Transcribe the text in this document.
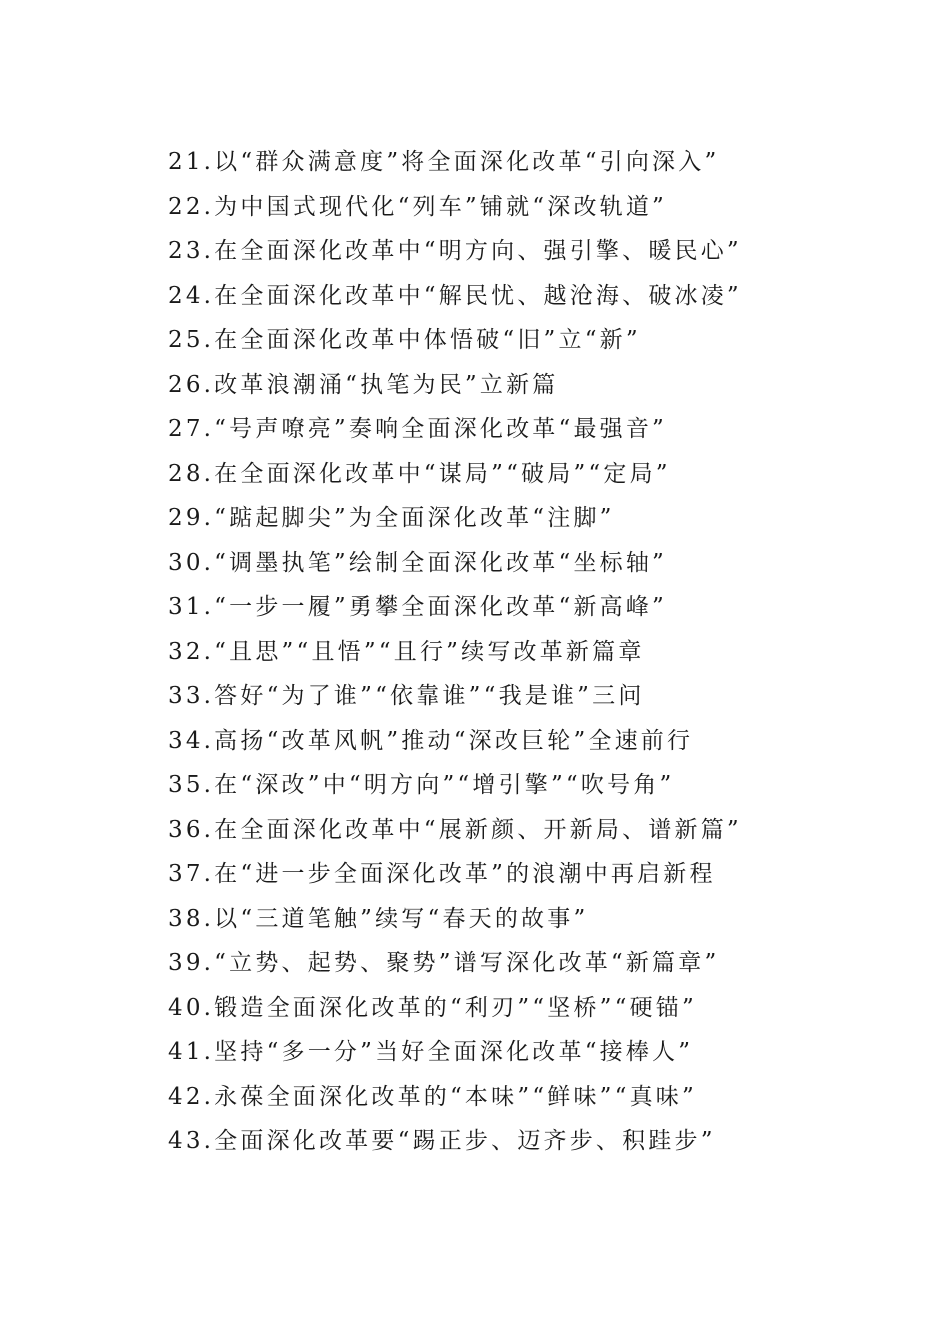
21.以“群众满意度”将全面深化改革“引向深入”
22.为中国式现代化“列车”铺就“深改轨道”
23.在全面深化改革中“明方向、强引擎、暖民心”
24.在全面深化改革中“解民忧、越沧海、破冰凌”
25.在全面深化改革中体悟破“旧”立“新”
26.改革浪潮涌“执笔为民”立新篇
27.“号声嘹亮”奏响全面深化改革“最强音”
28.在全面深化改革中“谋局”“破局”“定局”
29.“踮起脚尖”为全面深化改革“注脚”
30.“调墨执笔”绘制全面深化改革“坐标轴”
31.“一步一履”勇攀全面深化改革“新高峰”
32.“且思”“且悟”“且行”续写改革新篇章
33.答好“为了谁”“依靠谁”“我是谁”三问
34.高扬“改革风帆”推动“深改巨轮”全速前行
35.在“深改”中“明方向”“增引擎”“吹号角”
36.在全面深化改革中“展新颜、开新局、谱新篇”
37.在“进一步全面深化改革”的浪潮中再启新程
38.以“三道笔触”续写“春天的故事”
39.“立势、起势、聚势”谱写深化改革“新篇章”
40.锻造全面深化改革的“利刃”“坚桥”“硬锚”
41.坚持“多一分”当好全面深化改革“接棒人”
42.永葆全面深化改革的“本味”“鲜味”“真味”
43.全面深化改革要“踢正步、迈齐步、积跬步”
